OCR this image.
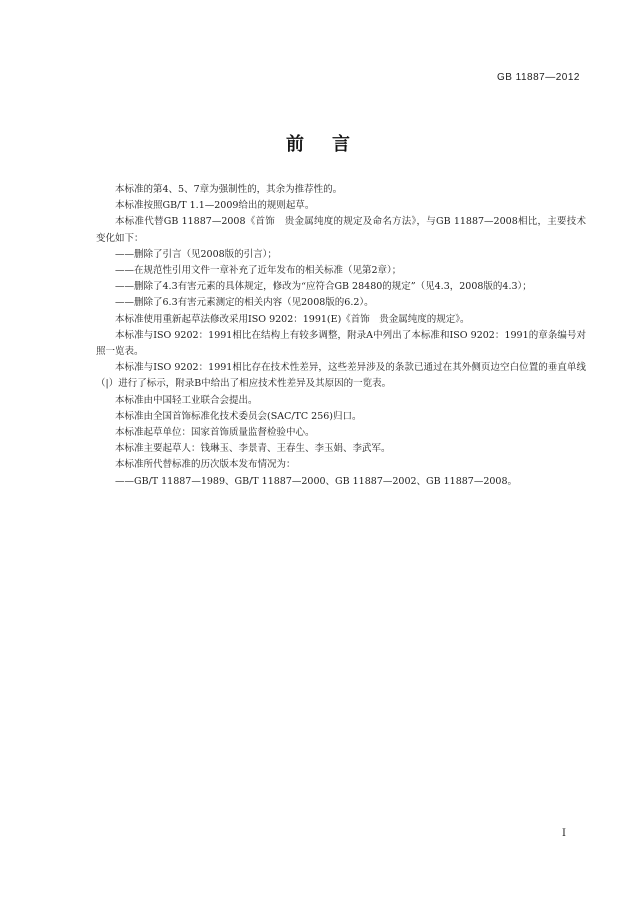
GB 11887—2012
前言

本标准的第4、5、7章为强制性的，其余为推荐性的。

本标准按照GB/T 1.1—2009给出的规则起草。

本标准代替GB 11887—2008《首饰　贵金属纯度的规定及命名方法》，与GB 11887—2008相比，主要技术变化如下：

——删除了引言（见2008版的引言）；

——在规范性引用文件一章补充了近年发布的相关标准（见第2章）；

——删除了4.3有害元素的具体规定，修改为“应符合GB 28480的规定”（见4.3，2008版的4.3）；

——删除了6.3有害元素测定的相关内容（见2008版的6.2）。

本标准使用重新起草法修改采用ISO 9202：1991(E)《首饰　贵金属纯度的规定》。

本标准与ISO 9202：1991相比在结构上有较多调整，附录A中列出了本标准和ISO 9202：1991的章条编号对照一览表。

本标准与ISO 9202：1991相比存在技术性差异，这些差异涉及的条款已通过在其外侧页边空白位置的垂直单线（|）进行了标示，附录B中给出了相应技术性差异及其原因的一览表。

本标准由中国轻工业联合会提出。

本标准由全国首饰标准化技术委员会(SAC/TC 256)归口。

本标准起草单位：国家首饰质量监督检验中心。

本标准主要起草人：钱琳玉、李景青、王春生、李玉娟、李武军。

本标准所代替标准的历次版本发布情况为：

——GB/T 11887—1989、GB/T 11887—2000、GB 11887—2002、GB 11887—2008。

I
